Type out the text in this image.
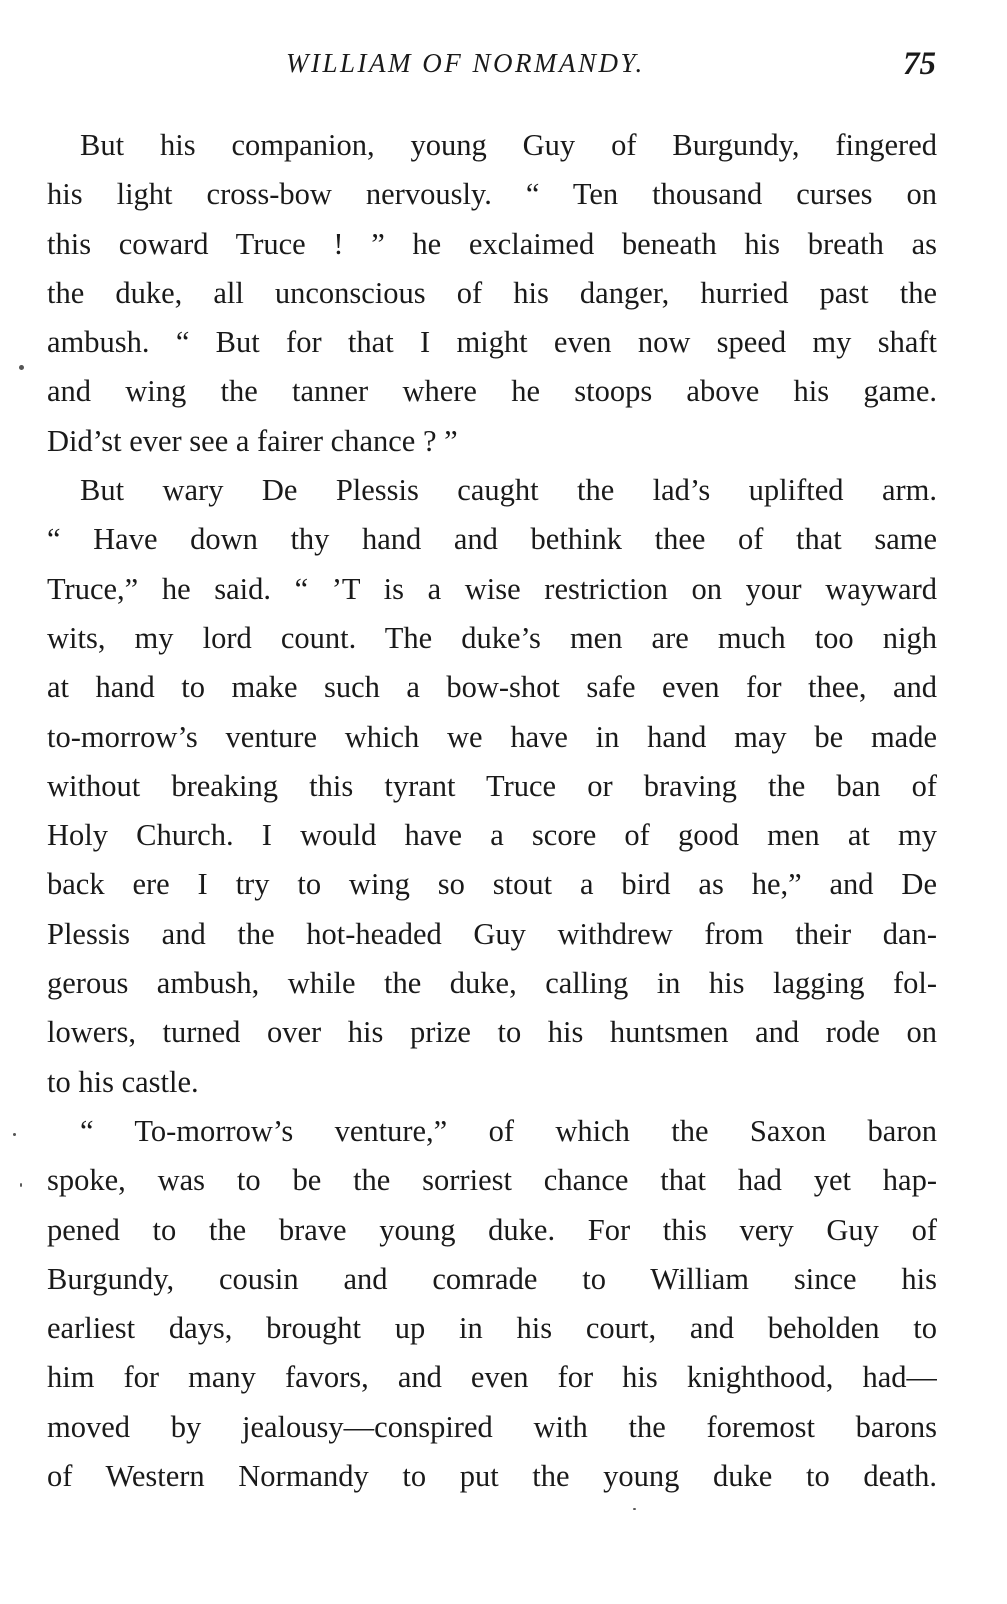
WILLIAM OF NORMANDY.	75

But his companion, young Guy of Burgundy, fingered
his light cross-bow nervously. “ Ten thousand curses on
this coward Truce ! ” he exclaimed beneath his breath as
the duke, all unconscious of his danger, hurried past the
ambush. “ But for that I might even now speed my shaft
and wing the tanner where he stoops above his game.
Did’st ever see a fairer chance ? ”

But wary De Plessis caught the lad’s uplifted arm.
“ Have down thy hand and bethink thee of that same
Truce,” he said. “ ’T is a wise restriction on your wayward
wits, my lord count. The duke’s men are much too nigh
at hand to make such a bow-shot safe even for thee, and
to-morrow’s venture which we have in hand may be made
without breaking this tyrant Truce or braving the ban of
Holy Church. I would have a score of good men at my
back ere I try to wing so stout a bird as he,” and De
Plessis and the hot-headed Guy withdrew from their dan-
gerous ambush, while the duke, calling in his lagging fol-
lowers, turned over his prize to his huntsmen and rode on
to his castle.

“ To-morrow’s venture,” of which the Saxon baron
spoke, was to be the sorriest chance that had yet hap-
pened to the brave young duke. For this very Guy of
Burgundy, cousin and comrade to William since his
earliest days, brought up in his court, and beholden to
him for many favors, and even for his knighthood, had—
moved by jealousy—conspired with the foremost barons
of Western Normandy to put the young duke to death.
